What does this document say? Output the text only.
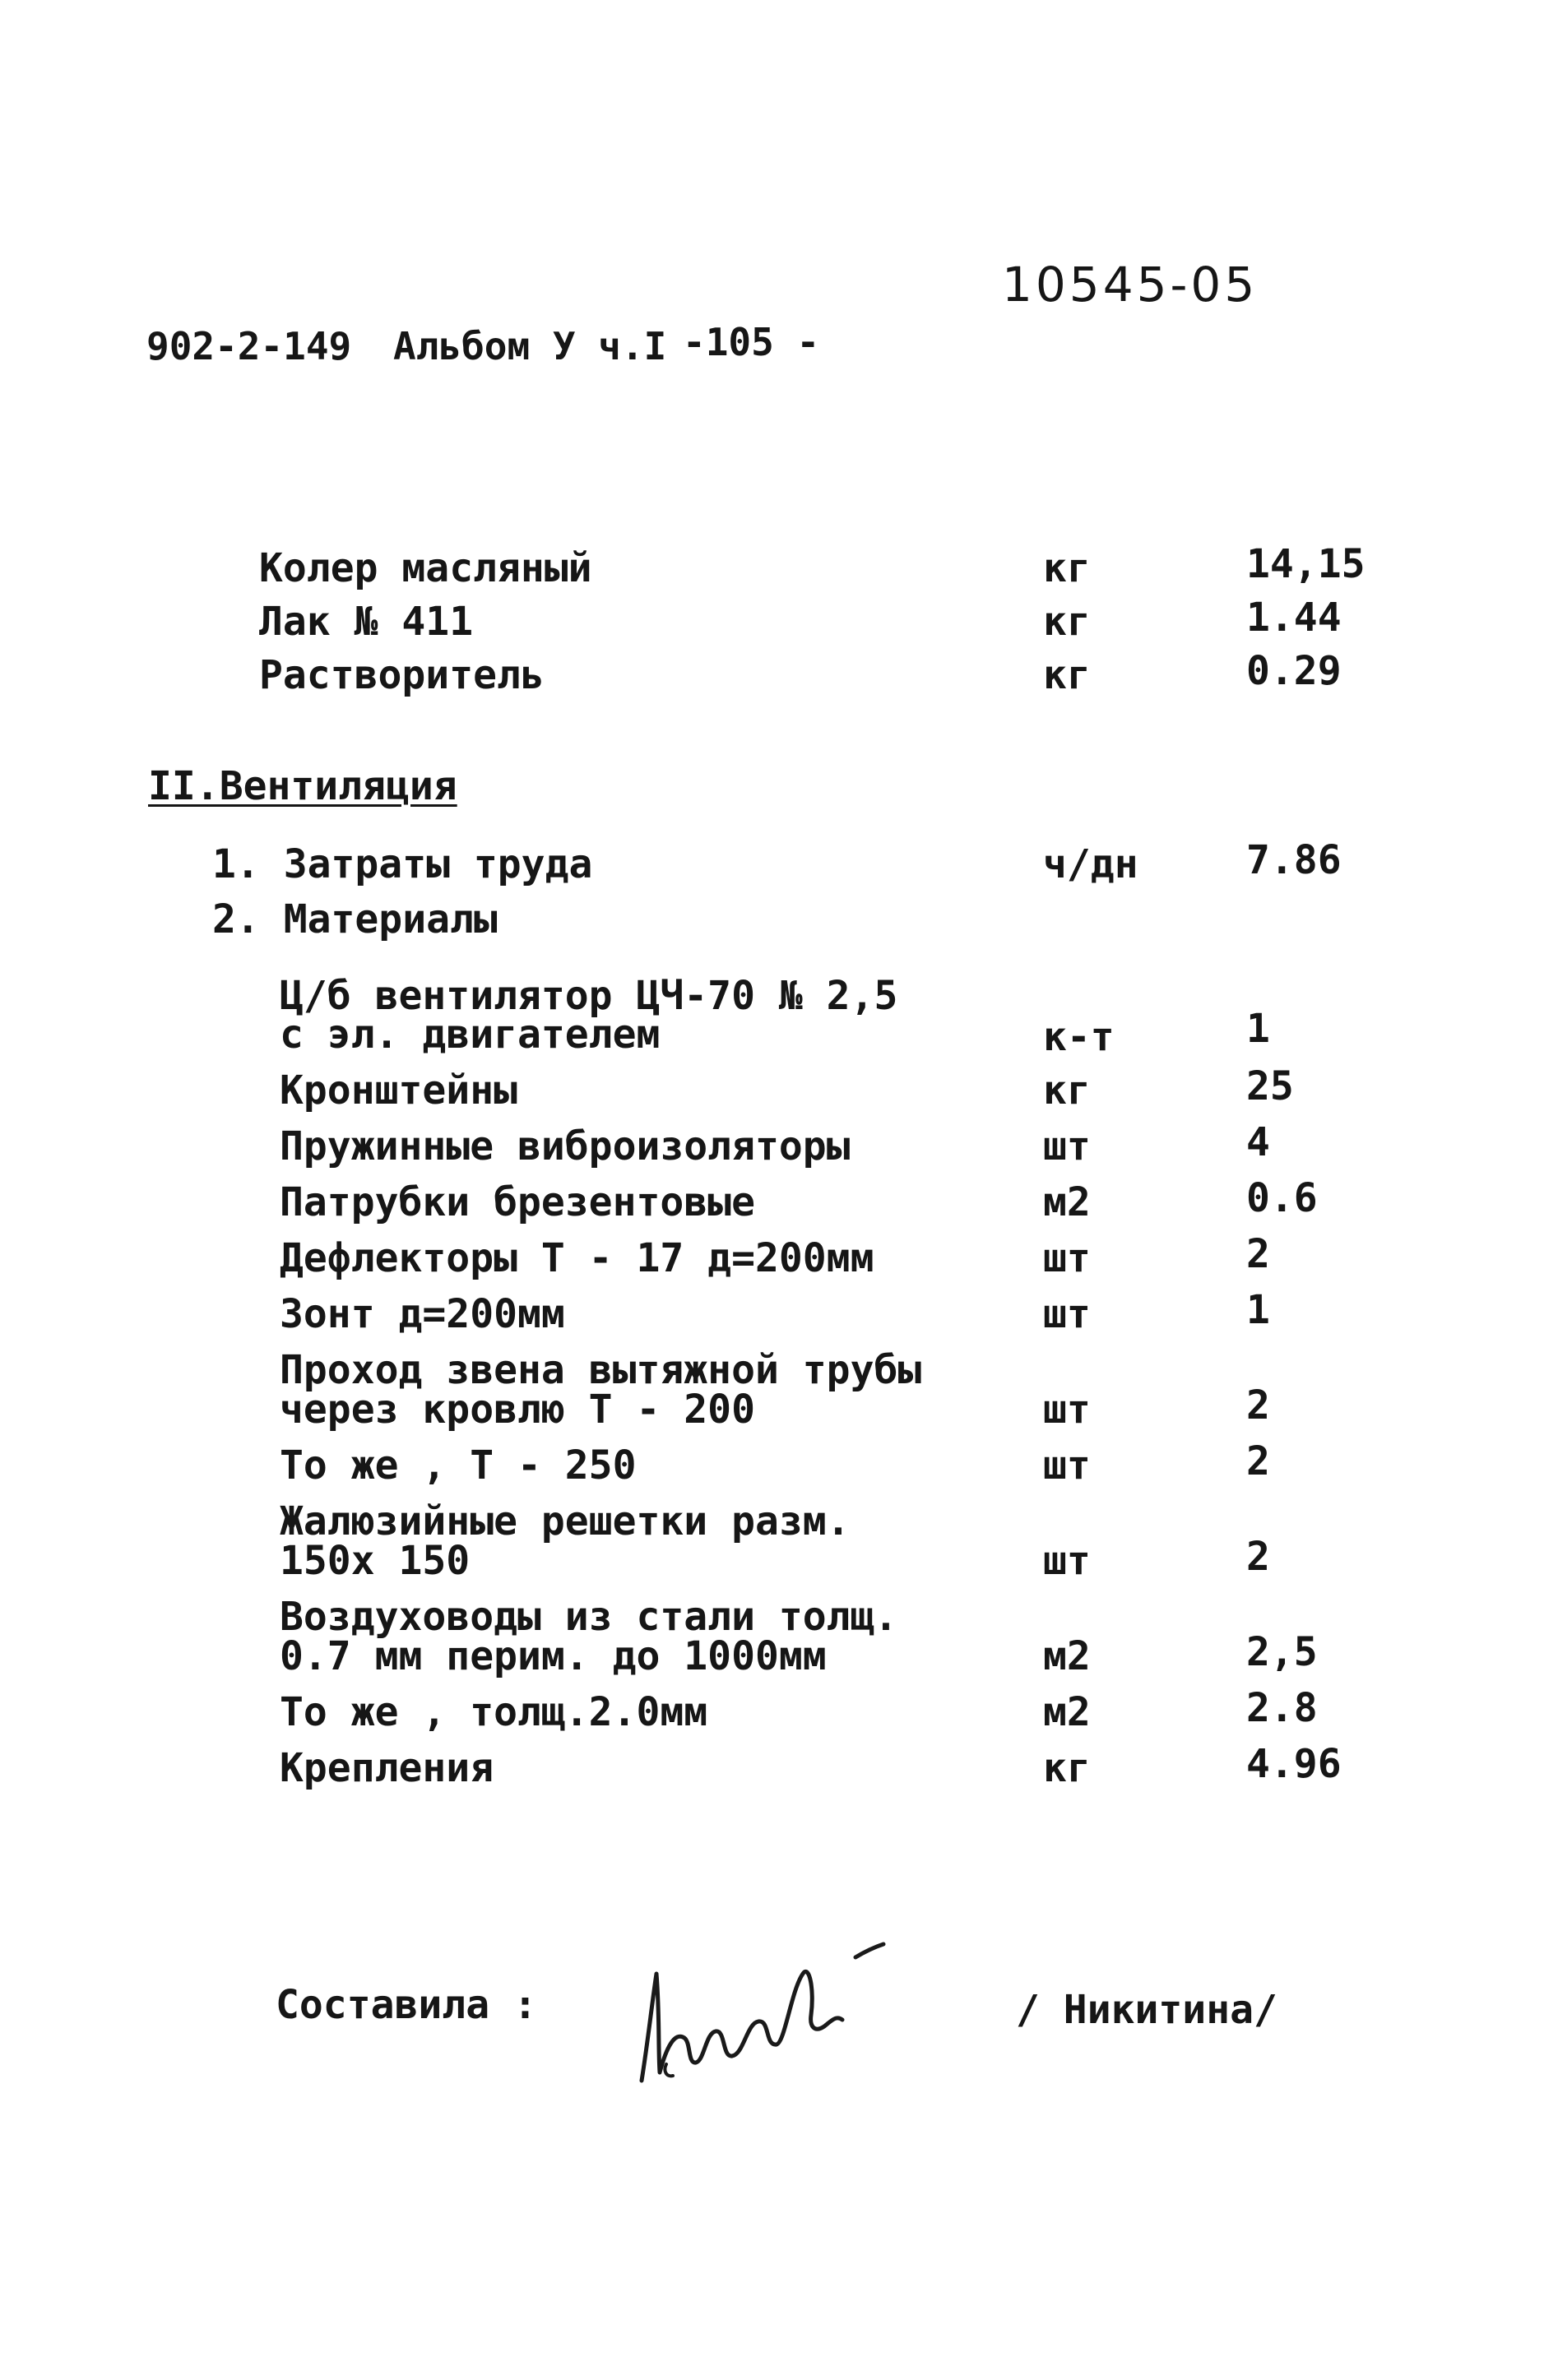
902-2-149 Альбом У ч.I -105 -
10545-05
Колер масляный	кг	14,15
Лак № 411	кг	1.44
Растворитель	кг	0.29
II.Вентиляция
1. Затраты труда	ч/дн	7.86
2. Материалы
Ц/б вентилятор ЦЧ-70 № 2,5
с эл. двигателем	к-т	1
Кронштейны	кг	25
Пружинные виброизоляторы	шт	4
Патрубки брезентовые	м2	0.6
Дефлекторы Т - 17 д=200мм	шт	2
Зонт д=200мм	шт	1
Проход звена вытяжной трубы
через кровлю Т - 200	шт	2
То же , Т - 250	шт	2
Жалюзийные решетки разм.
150х 150	шт	2
Воздуховоды из стали толщ.
0.7 мм перим. до 1000мм	м2	2,5
То же , толщ.2.0мм	м2	2.8
Крепления	кг	4.96
Составила :	/ Никитина/
